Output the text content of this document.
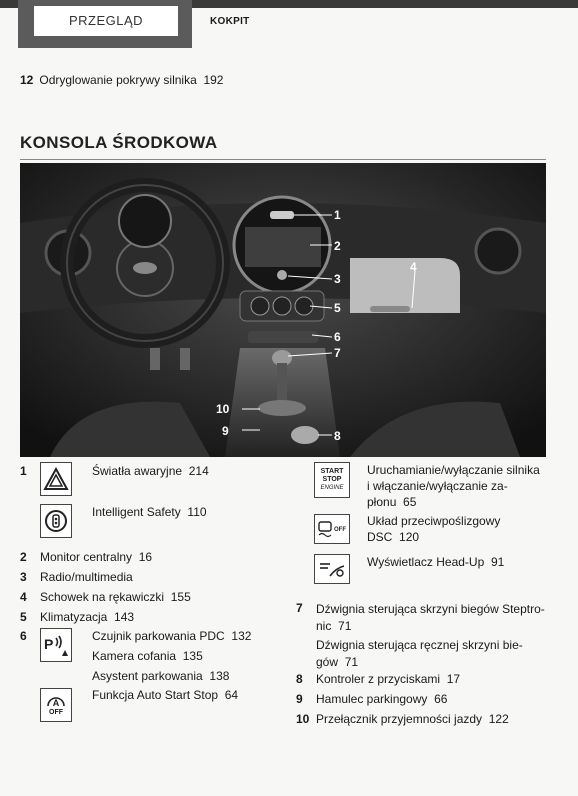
PRZEGLĄD	KOKPIT
12 Odryglowanie pokrywy silnika 192
KONSOLA ŚRODKOWA
1
2
3
4
5
6
7
8
9
10
1	Światła awaryjne 214
Intelligent Safety 110
2 Monitor centralny 16
3 Radio/multimedia
4 Schowek na rękawiczki 155
5 Klimatyzacja 143
6 P	Czujnik parkowania PDC 132
Kamera cofania 135
Asystent parkowania 138
A
OFF
Funkcja Auto Start Stop 64
START
STOP
ENGINE
Uruchamianie/wyłączanie silnika
i włączanie/wyłączanie za-
płonu 65
OFF
Układ przeciwpoślizgowy
DSC 120
Wyświetlacz Head-Up 91
7 Dźwignia sterująca skrzyni biegów Steptro-
nic 71
Dźwignia sterująca ręcznej skrzyni bie-
gów 71
8 Kontroler z przyciskami 17
9 Hamulec parkingowy 66
10 Przełącznik przyjemności jazdy 122
